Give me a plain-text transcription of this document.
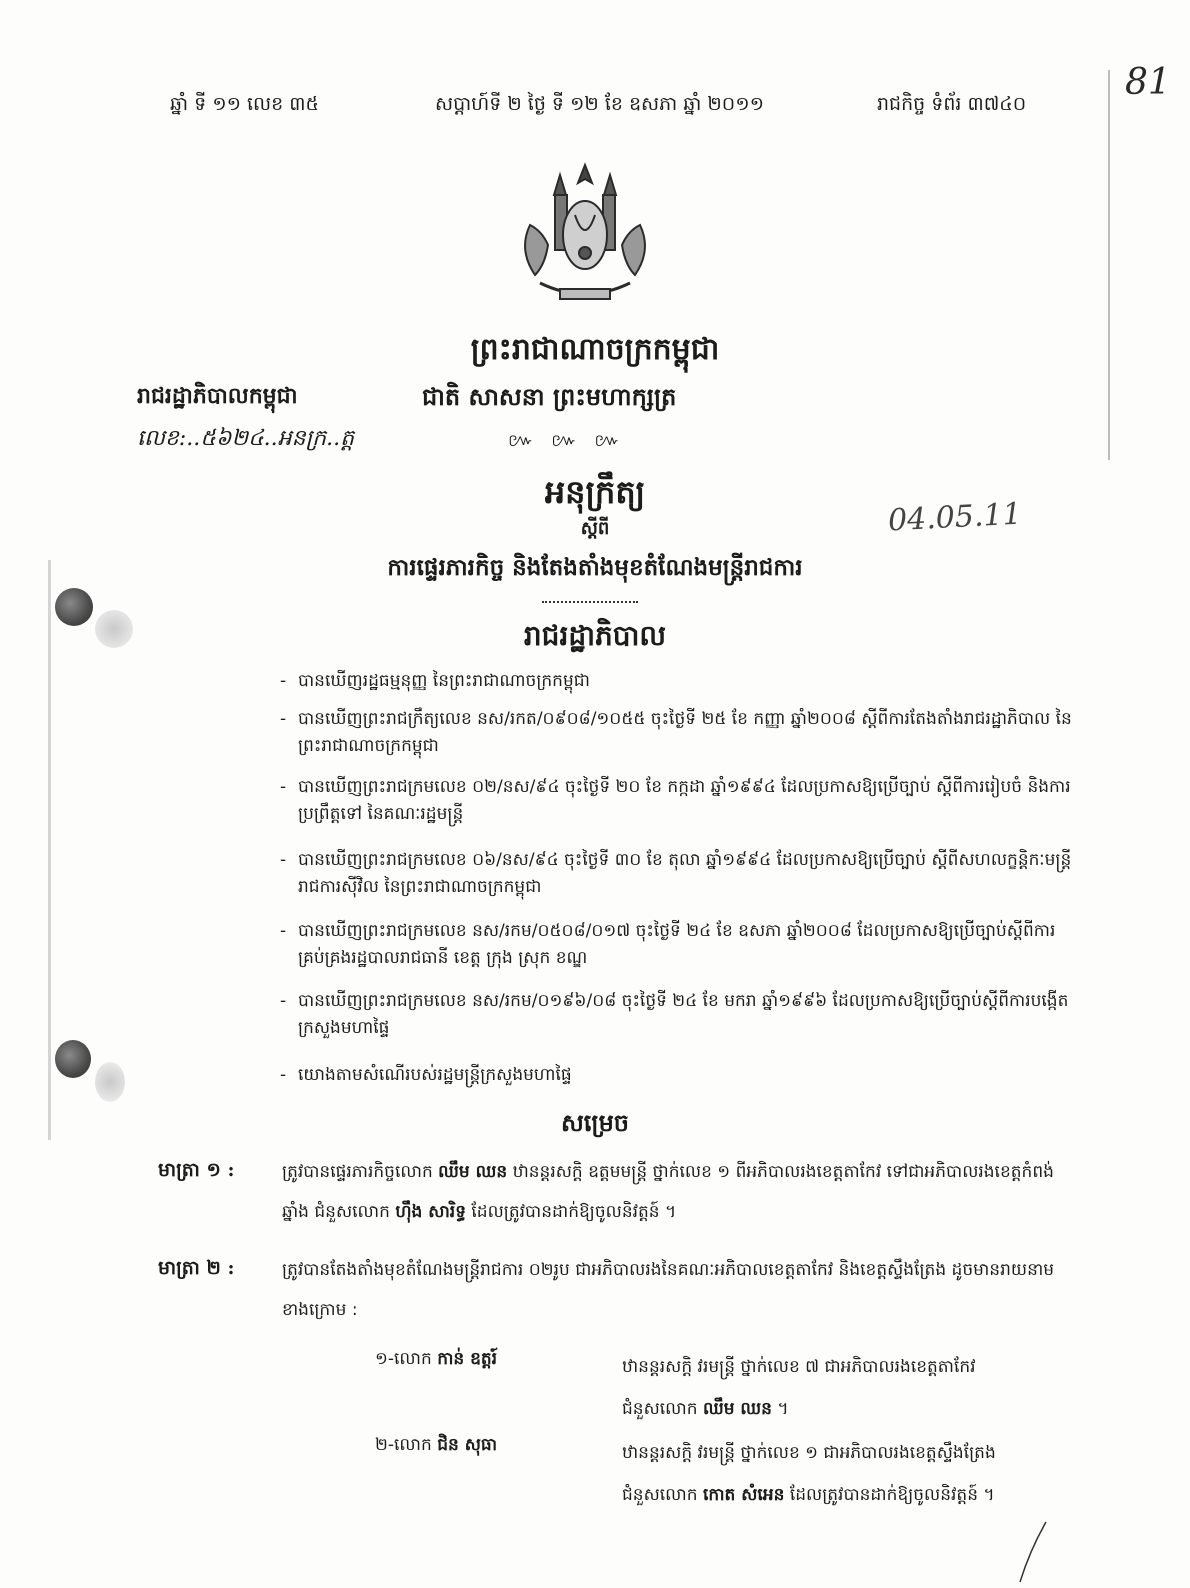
81
ឆ្នាំ ទី ១១ លេខ ៣៥	សប្តាហ៍ទី ២ ថ្ងៃ ទី ១២ ខែ ឧសភា ឆ្នាំ ២០១១	រាជកិច្ច ទំព័រ ៣៧៤០
ព្រះរាជាណាចក្រកម្ពុជា
រាជរដ្ឋាភិបាលកម្ពុជា	ជាតិ សាសនា ព្រះមហាក្សត្រ
លេខ:..៥៦២៤..អនក្រ..ត្ត	៚ ៚ ៚
04.05.11
អនុក្រឹត្យ
ស្តីពី
ការផ្ទេរភារកិច្ច និងតែងតាំងមុខតំណែងមន្ត្រីរាជការ
រាជរដ្ឋាភិបាល
- បានឃើញរដ្ឋធម្មនុញ្ញ នៃព្រះរាជាណាចក្រកម្ពុជា
- បានឃើញព្រះរាជក្រឹត្យលេខ នស/រកត/០៩០៨/១០៥៥ ចុះថ្ងៃទី ២៥ ខែ កញ្ញា ឆ្នាំ២០០៨ ស្តីពីការតែងតាំងរាជរដ្ឋាភិបាល នៃព្រះរាជាណាចក្រកម្ពុជា
- បានឃើញព្រះរាជក្រមលេខ ០២/នស/៩៤ ចុះថ្ងៃទី ២០ ខែ កក្កដា ឆ្នាំ១៩៩៤ ដែលប្រកាសឱ្យប្រើច្បាប់ ស្តីពីការរៀបចំ និងការប្រព្រឹត្តទៅ នៃគណៈរដ្ឋមន្ត្រី
- បានឃើញព្រះរាជក្រមលេខ ០៦/នស/៩៤ ចុះថ្ងៃទី ៣០ ខែ តុលា ឆ្នាំ១៩៩៤ ដែលប្រកាសឱ្យប្រើច្បាប់ ស្តីពីសហលក្ខន្តិកៈមន្ត្រីរាជការស៊ីវិល នៃព្រះរាជាណាចក្រកម្ពុជា
- បានឃើញព្រះរាជក្រមលេខ នស/រកម/០៥០៨/០១៧ ចុះថ្ងៃទី ២៤ ខែ ឧសភា ឆ្នាំ២០០៨ ដែលប្រកាសឱ្យប្រើច្បាប់ស្តីពីការគ្រប់គ្រងរដ្ឋបាលរាជធានី ខេត្ត ក្រុង ស្រុក ខណ្ឌ
- បានឃើញព្រះរាជក្រមលេខ នស/រកម/០១៩៦/០៨ ចុះថ្ងៃទី ២៤ ខែ មករា ឆ្នាំ១៩៩៦ ដែលប្រកាសឱ្យប្រើច្បាប់ស្តីពីការបង្កើតក្រសួងមហាផ្ទៃ
- យោងតាមសំណើរបស់រដ្ឋមន្ត្រីក្រសួងមហាផ្ទៃ
សម្រេច
មាត្រា ១ :	ត្រូវបានផ្ទេរភារកិច្ចលោក ឈឹម ឈន ឋានន្តរសក្តិ ឧត្តមមន្ត្រី ថ្នាក់លេខ ១ ពីអភិបាលរងខេត្តតាកែវ ទៅជាអភិបាលរងខេត្តកំពង់ឆ្នាំង ជំនួសលោក ហ៊ឹង សារិទ្ធ ដែលត្រូវបានដាក់ឱ្យចូលនិវត្តន៍ ។
មាត្រា ២ :	ត្រូវបានតែងតាំងមុខតំណែងមន្ត្រីរាជការ ០២រូប ជាអភិបាលរងនៃគណៈអភិបាលខេត្តតាកែវ និងខេត្តស្ទឹងត្រែង ដូចមានរាយនាមខាងក្រោម :
១-លោក កាន់ ឧត្តរ៍	ឋានន្តរសក្តិ វរមន្ត្រី ថ្នាក់លេខ ៧ ជាអភិបាលរងខេត្តតាកែវ
ជំនួសលោក ឈឹម ឈន ។
២-លោក ជិន សុធា	ឋានន្តរសក្តិ វរមន្ត្រី ថ្នាក់លេខ ១ ជាអភិបាលរងខេត្តស្ទឹងត្រែង
ជំនួសលោក កោត សំអេន ដែលត្រូវបានដាក់ឱ្យចូលនិវត្តន៍ ។
